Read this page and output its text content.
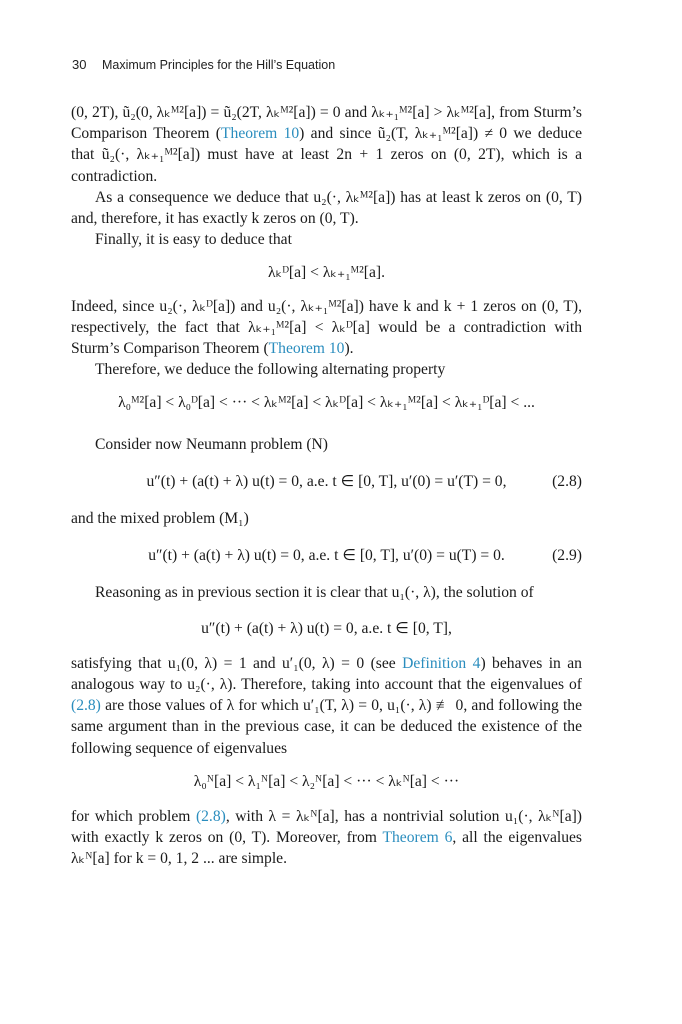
30 Maximum Principles for the Hill’s Equation

(0, 2T), ũ₂(0, λₖᴹ²[a]) = ũ₂(2T, λₖᴹ²[a]) = 0 and λₖ₊₁ᴹ²[a] > λₖᴹ²[a], from Sturm’s Comparison Theorem (Theorem 10) and since ũ₂(T, λₖ₊₁ᴹ²[a]) ≠ 0 we deduce that ũ₂(·, λₖ₊₁ᴹ²[a]) must have at least 2n + 1 zeros on (0, 2T), which is a contradiction.

As a consequence we deduce that u₂(·, λₖᴹ²[a]) has at least k zeros on (0, T) and, therefore, it has exactly k zeros on (0, T).

Finally, it is easy to deduce that

λₖᴰ[a] < λₖ₊₁ᴹ²[a].

Indeed, since u₂(·, λₖᴰ[a]) and u₂(·, λₖ₊₁ᴹ²[a]) have k and k + 1 zeros on (0, T), respectively, the fact that λₖ₊₁ᴹ²[a] < λₖᴰ[a] would be a contradiction with Sturm’s Comparison Theorem (Theorem 10).

Therefore, we deduce the following alternating property

λ₀ᴹ²[a] < λ₀ᴰ[a] < ··· < λₖᴹ²[a] < λₖᴰ[a] < λₖ₊₁ᴹ²[a] < λₖ₊₁ᴰ[a] < ...

Consider now Neumann problem (N)

u″(t) + (a(t) + λ) u(t) = 0, a.e. t ∈ [0, T], u′(0) = u′(T) = 0,	(2.8)

and the mixed problem (M₁)

u″(t) + (a(t) + λ) u(t) = 0, a.e. t ∈ [0, T], u′(0) = u(T) = 0.	(2.9)

Reasoning as in previous section it is clear that u₁(·, λ), the solution of

u″(t) + (a(t) + λ) u(t) = 0, a.e. t ∈ [0, T],

satisfying that u₁(0, λ) = 1 and u′₁(0, λ) = 0 (see Definition 4) behaves in an analogous way to u₂(·, λ). Therefore, taking into account that the eigenvalues of (2.8) are those values of λ for which u′₁(T, λ) = 0, u₁(·, λ) ≢ 0, and following the same argument than in the previous case, it can be deduced the existence of the following sequence of eigenvalues

λ₀ᴺ[a] < λ₁ᴺ[a] < λ₂ᴺ[a] < ··· < λₖᴺ[a] < ···

for which problem (2.8), with λ = λₖᴺ[a], has a nontrivial solution u₁(·, λₖᴺ[a]) with exactly k zeros on (0, T). Moreover, from Theorem 6, all the eigenvalues λₖᴺ[a] for k = 0, 1, 2 ... are simple.
